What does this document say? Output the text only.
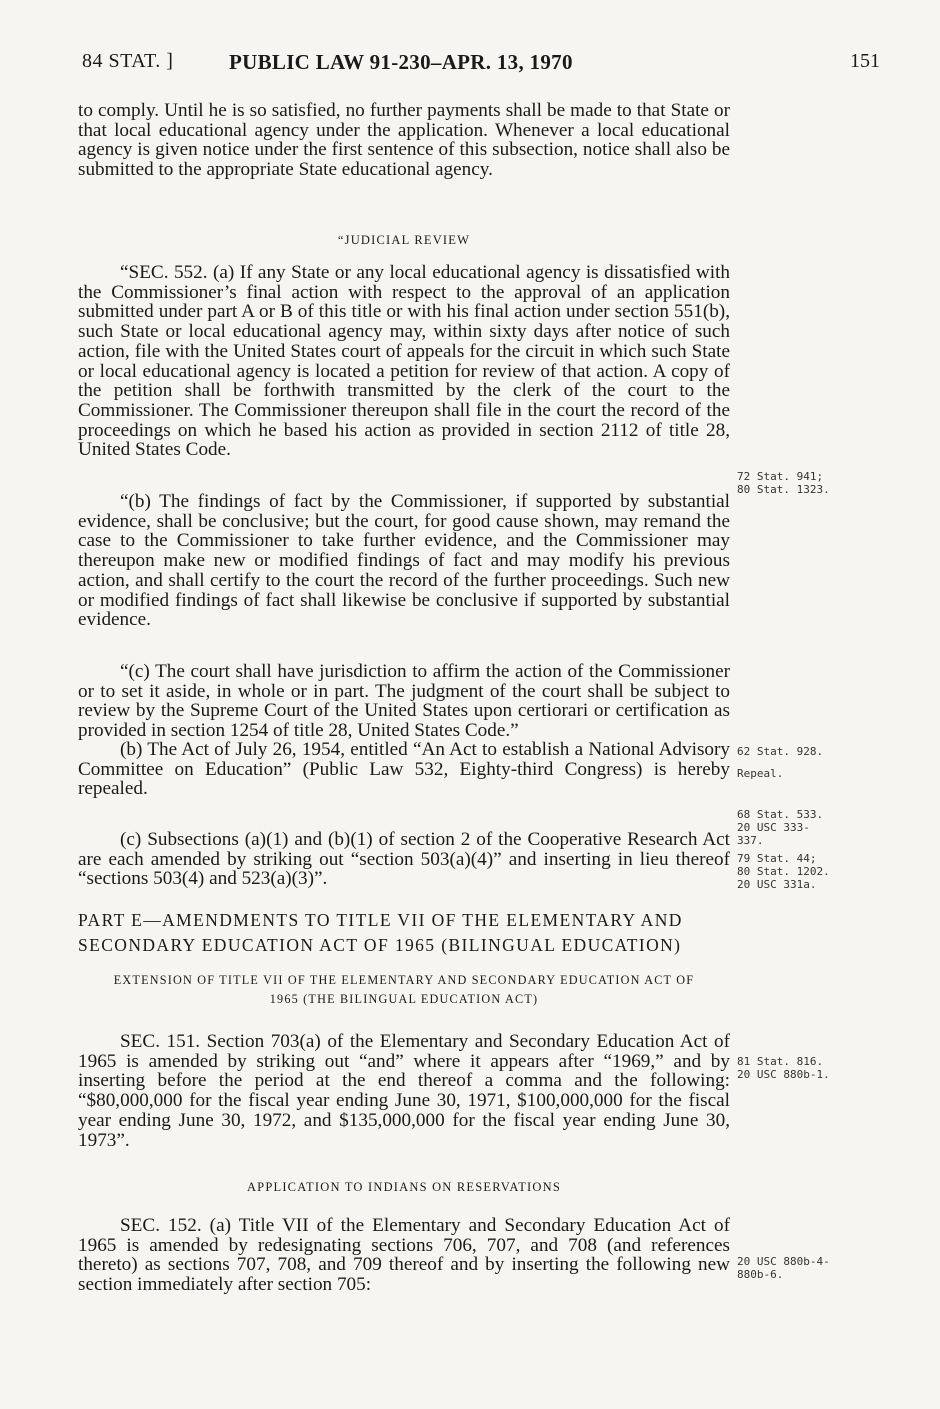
84 STAT. ]	PUBLIC LAW 91-230–APR. 13, 1970	151

to comply. Until he is so satisfied, no further payments shall be made to that State or that local educational agency under the application. Whenever a local educational agency is given notice under the first sentence of this subsection, notice shall also be submitted to the appropriate State educational agency.

“JUDICIAL REVIEW

“SEC. 552. (a) If any State or any local educational agency is dissatisfied with the Commissioner’s final action with respect to the approval of an application submitted under part A or B of this title or with his final action under section 551(b), such State or local educational agency may, within sixty days after notice of such action, file with the United States court of appeals for the circuit in which such State or local educational agency is located a petition for review of that action. A copy of the petition shall be forthwith transmitted by the clerk of the court to the Commissioner. The Commissioner thereupon shall file in the court the record of the proceedings on which he based his action as provided in section 2112 of title 28, United States Code.

“(b) The findings of fact by the Commissioner, if supported by substantial evidence, shall be conclusive; but the court, for good cause shown, may remand the case to the Commissioner to take further evidence, and the Commissioner may thereupon make new or modified findings of fact and may modify his previous action, and shall certify to the court the record of the further proceedings. Such new or modified findings of fact shall likewise be conclusive if supported by substantial evidence.

“(c) The court shall have jurisdiction to affirm the action of the Commissioner or to set it aside, in whole or in part. The judgment of the court shall be subject to review by the Supreme Court of the United States upon certiorari or certification as provided in section 1254 of title 28, United States Code.”

(b) The Act of July 26, 1954, entitled “An Act to establish a National Advisory Committee on Education” (Public Law 532, Eighty-third Congress) is hereby repealed.

(c) Subsections (a)(1) and (b)(1) of section 2 of the Cooperative Research Act are each amended by striking out “section 503(a)(4)” and inserting in lieu thereof “sections 503(4) and 523(a)(3)”.

PART E—AMENDMENTS TO TITLE VII OF THE ELEMENTARY AND SECONDARY EDUCATION ACT OF 1965 (BILINGUAL EDUCATION)
EXTENSION OF TITLE VII OF THE ELEMENTARY AND SECONDARY EDUCATION ACT OF 1965 (THE BILINGUAL EDUCATION ACT)

SEC. 151. Section 703(a) of the Elementary and Secondary Education Act of 1965 is amended by striking out “and” where it appears after “1969,” and by inserting before the period at the end thereof a comma and the following: “$80,000,000 for the fiscal year ending June 30, 1971, $100,000,000 for the fiscal year ending June 30, 1972, and $135,000,000 for the fiscal year ending June 30, 1973”.

APPLICATION TO INDIANS ON RESERVATIONS

SEC. 152. (a) Title VII of the Elementary and Secondary Education Act of 1965 is amended by redesignating sections 706, 707, and 708 (and references thereto) as sections 707, 708, and 709 thereof and by inserting the following new section immediately after section 705:

72 Stat. 941;
80 Stat. 1323.
62 Stat. 928.
Repeal.
68 Stat. 533.
20 USC 333-
337.
79 Stat. 44;
80 Stat. 1202.
20 USC 331a.
81 Stat. 816.
20 USC 880b-1.
20 USC 880b-4-
880b-6.
